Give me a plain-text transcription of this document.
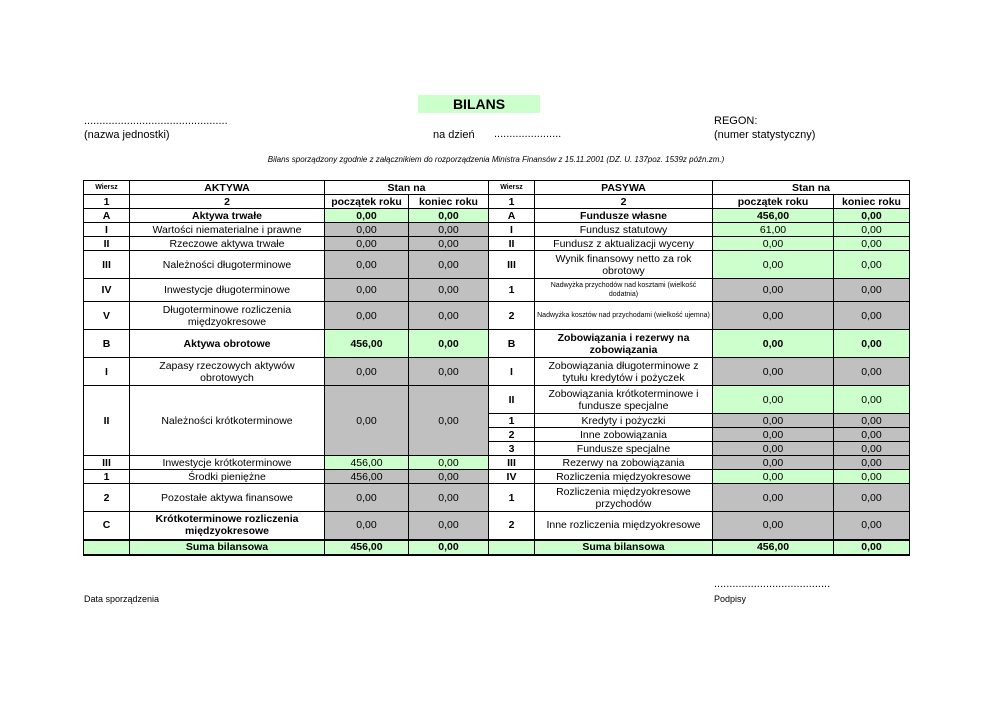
BILANS
...............................................
(nazwa jednostki)	na dzień ......................
REGON:
(numer statystyczny)
Bilans sporządzony zgodnie z załącznikiem do rozporządzenia Ministra Finansów z 15.11.2001 (DZ. U. 137poz. 1539z późn.zm.)
Wiersz	AKTYWA	Stan na		Wiersz	PASYWA	Stan na	
1	2	początek roku	koniec roku	1	2	początek roku	koniec roku
A	Aktywa trwałe	0,00	0,00	A	Fundusze własne	456,00	0,00
I	Wartości niematerialne i prawne	0,00	0,00	I	Fundusz statutowy	61,00	0,00
II	Rzeczowe aktywa trwałe	0,00	0,00	II	Fundusz z aktualizacji wyceny	0,00	0,00
III	Należności długoterminowe	0,00	0,00	III	Wynik finansowy netto za rok obrotowy	0,00	0,00
IV	Inwestycje długoterminowe	0,00	0,00	1	Nadwyżka przychodów nad kosztami (wielkość dodatnia)	0,00	0,00
V	Długoterminowe rozliczenia międzyokresowe	0,00	0,00	2	Nadwyżka kosztów nad przychodami (wielkość ujemna)	0,00	0,00
B	Aktywa obrotowe	456,00	0,00	B	Zobowiązania i rezerwy na zobowiązania	0,00	0,00
I	Zapasy rzeczowych aktywów obrotowych	0,00	0,00	I	Zobowiązania długoterminowe z tytułu kredytów i pożyczek	0,00	0,00
II	Należności krótkoterminowe	0,00	0,00	II	Zobowiązania krótkoterminowe i fundusze specjalne	0,00	0,00
				1	Kredyty i pożyczki	0,00	0,00
				2	Inne zobowiązania	0,00	0,00
				3	Fundusze specjalne	0,00	0,00
III	Inwestycje krótkoterminowe	456,00	0,00	III	Rezerwy na zobowiązania	0,00	0,00
1	Środki pieniężne	456,00	0,00	IV	Rozliczenia międzyokresowe	0,00	0,00
2	Pozostałe aktywa finansowe	0,00	0,00	1	Rozliczenia międzyokresowe przychodów	0,00	0,00
C	Krótkoterminowe rozliczenia międzyokresowe	0,00	0,00	2	Inne rozliczenia międzyokresowe	0,00	0,00
	Suma bilansowa	456,00	0,00		Suma bilansowa	456,00	0,00
......................................
Data sporządzenia	Podpisy
